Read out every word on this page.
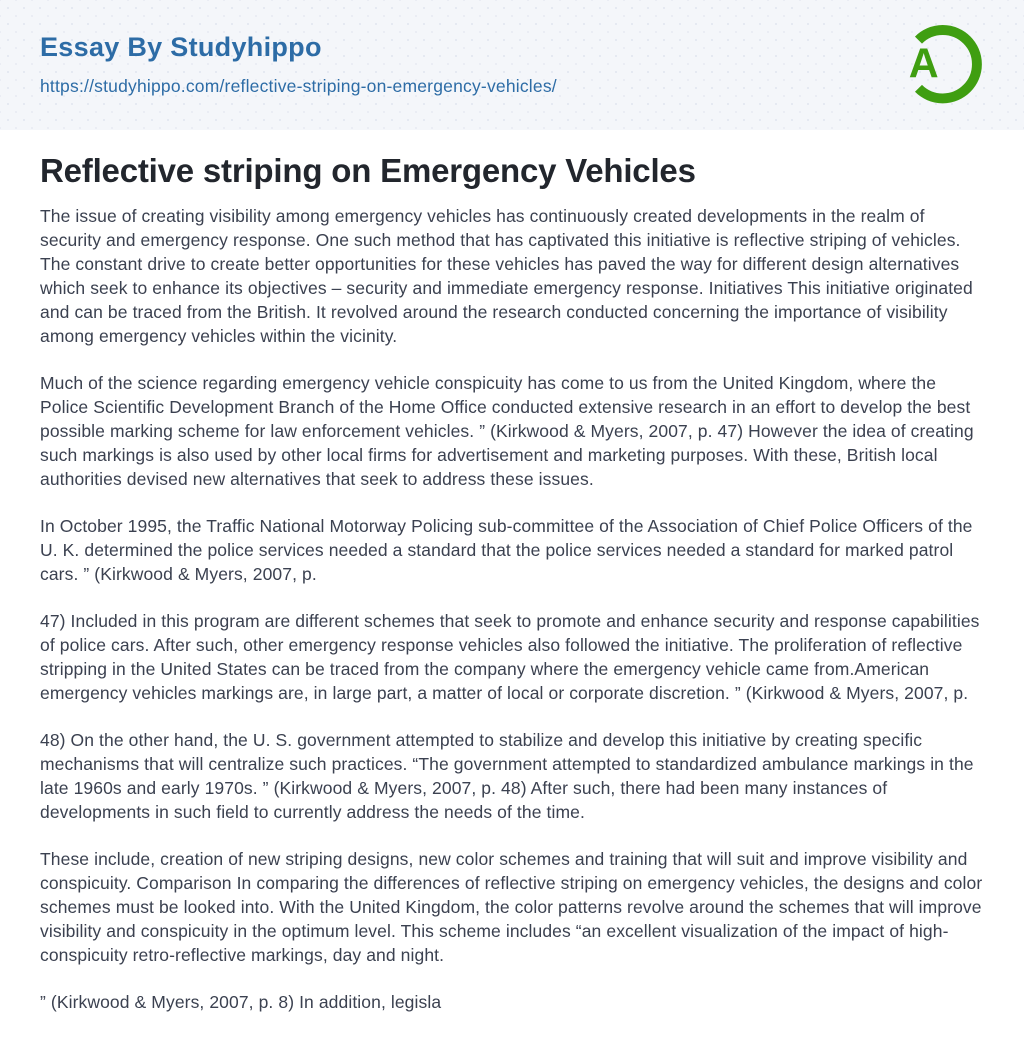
Essay By Studyhippo
https://studyhippo.com/reflective-striping-on-emergency-vehicles/	A
Reflective striping on Emergency Vehicles

The issue of creating visibility among emergency vehicles has continuously created developments in the realm of security and emergency response. One such method that has captivated this initiative is reflective striping of vehicles. The constant drive to create better opportunities for these vehicles has paved the way for different design alternatives which seek to enhance its objectives – security and immediate emergency response. Initiatives This initiative originated and can be traced from the British. It revolved around the research conducted concerning the importance of visibility among emergency vehicles within the vicinity.

Much of the science regarding emergency vehicle conspicuity has come to us from the United Kingdom, where the Police Scientific Development Branch of the Home Office conducted extensive research in an effort to develop the best possible marking scheme for law enforcement vehicles. ” (Kirkwood & Myers, 2007, p. 47) However the idea of creating such markings is also used by other local firms for advertisement and marketing purposes. With these, British local authorities devised new alternatives that seek to address these issues.

In October 1995, the Traffic National Motorway Policing sub-committee of the Association of Chief Police Officers of the U. K. determined the police services needed a standard that the police services needed a standard for marked patrol cars. ” (Kirkwood & Myers, 2007, p.

47) Included in this program are different schemes that seek to promote and enhance security and response capabilities of police cars. After such, other emergency response vehicles also followed the initiative. The proliferation of reflective stripping in the United States can be traced from the company where the emergency vehicle came from.American emergency vehicles markings are, in large part, a matter of local or corporate discretion. ” (Kirkwood & Myers, 2007, p.

48) On the other hand, the U. S. government attempted to stabilize and develop this initiative by creating specific mechanisms that will centralize such practices. “The government attempted to standardized ambulance markings in the late 1960s and early 1970s. ” (Kirkwood & Myers, 2007, p. 48) After such, there had been many instances of developments in such field to currently address the needs of the time.

These include, creation of new striping designs, new color schemes and training that will suit and improve visibility and conspicuity. Comparison In comparing the differences of reflective striping on emergency vehicles, the designs and color schemes must be looked into. With the United Kingdom, the color patterns revolve around the schemes that will improve visibility and conspicuity in the optimum level. This scheme includes “an excellent visualization of the impact of high-conspicuity retro-reflective markings, day and night.

” (Kirkwood & Myers, 2007, p. 8) In addition, legisla
